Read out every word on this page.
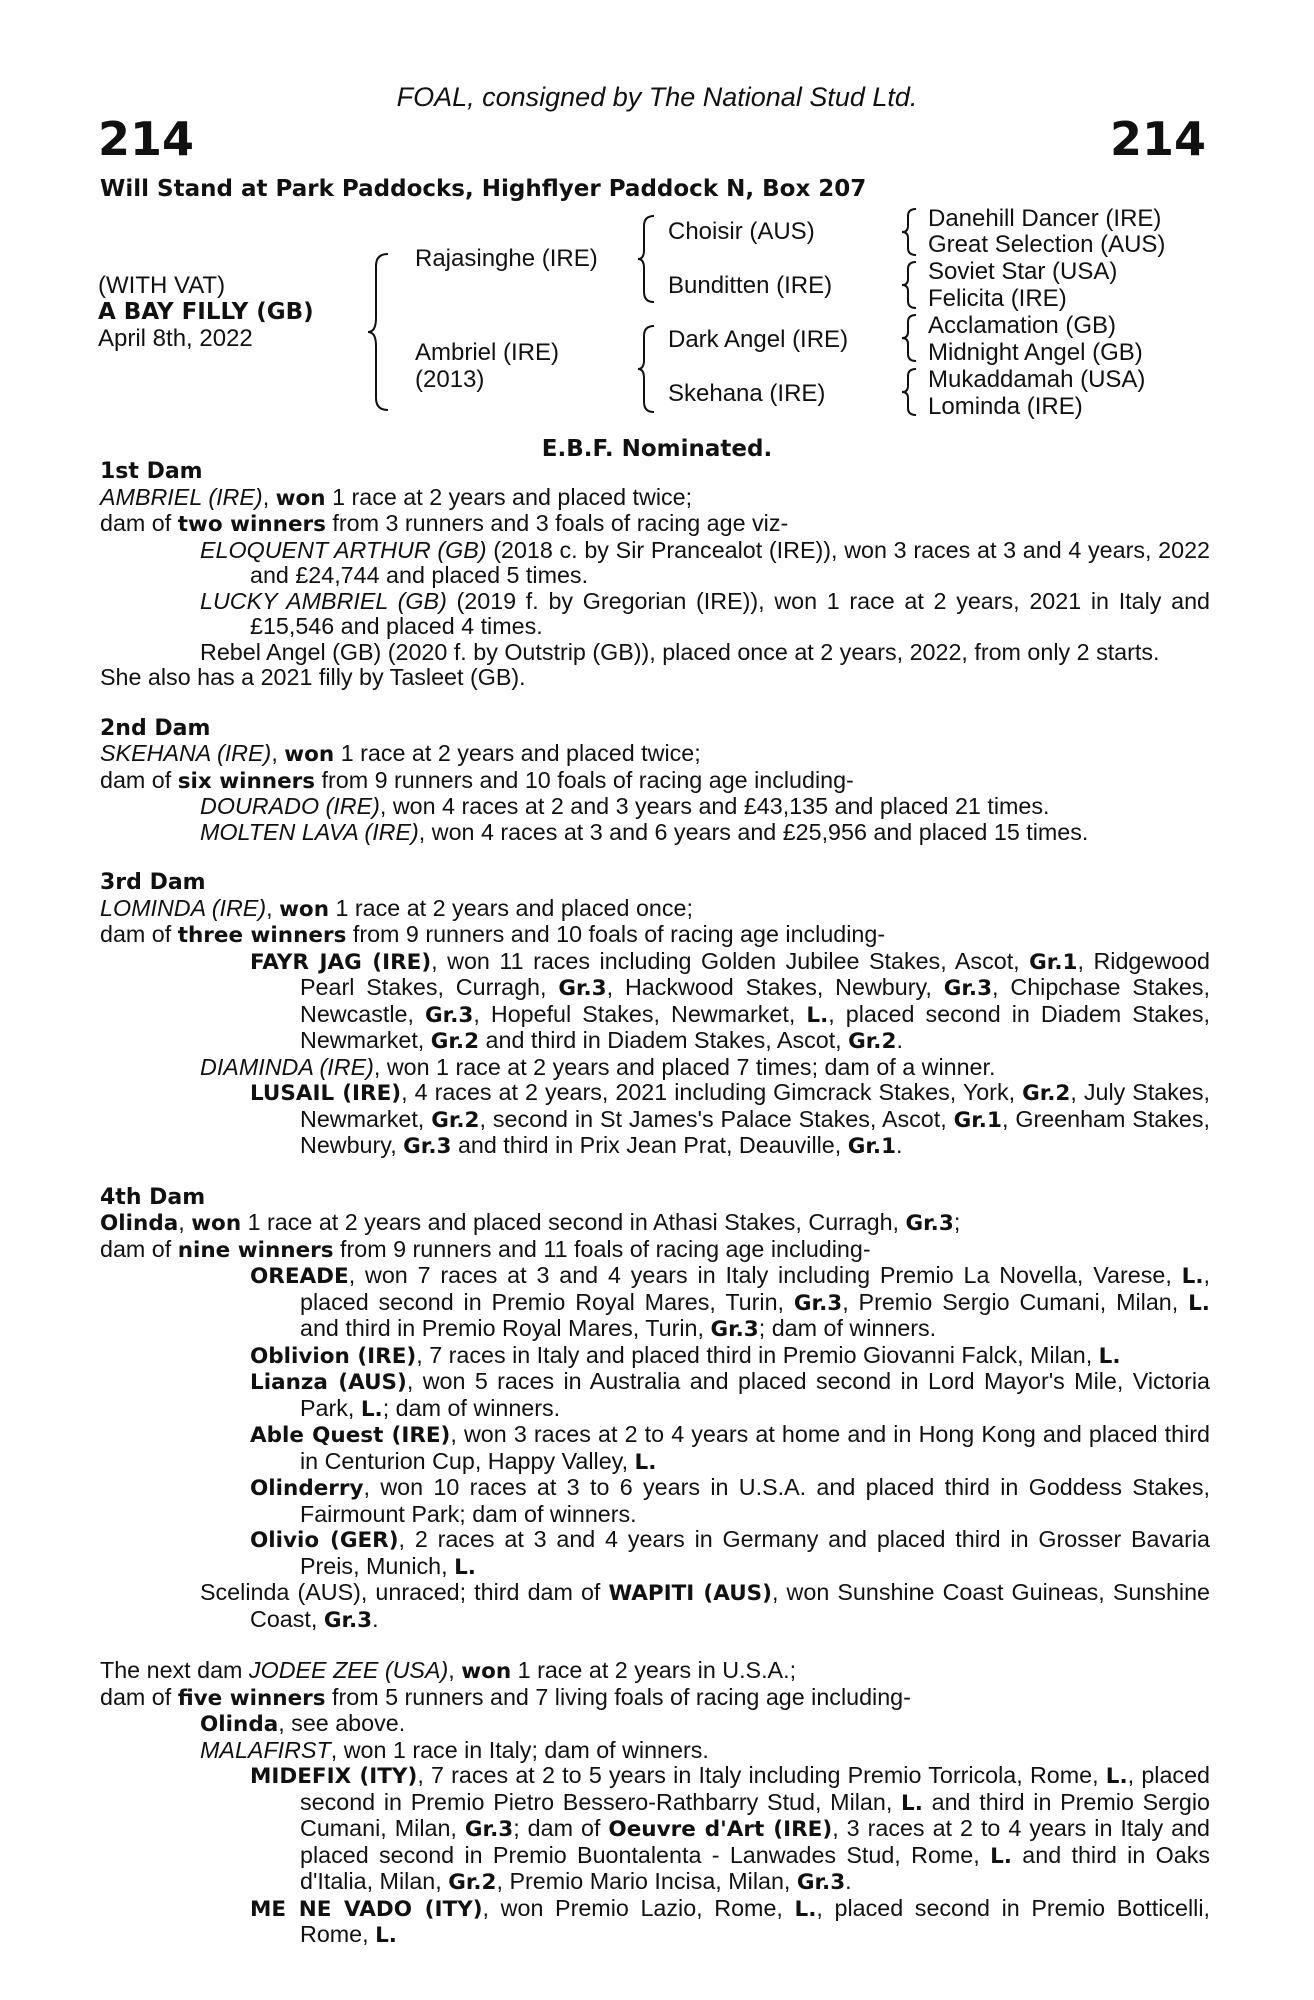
FOAL, consigned by The National Stud Ltd.
214	214
Will Stand at Park Paddocks, Highflyer Paddock N, Box 207
(WITH VAT)
A BAY FILLY (GB)
April 8th, 2022
Rajasinghe (IRE)
Ambriel (IRE)
(2013)
Choisir (AUS)
Bunditten (IRE)
Dark Angel (IRE)
Skehana (IRE)
Danehill Dancer (IRE)
Great Selection (AUS)
Soviet Star (USA)
Felicita (IRE)
Acclamation (GB)
Midnight Angel (GB)
Mukaddamah (USA)
Lominda (IRE)
E.B.F. Nominated.
1st Dam
AMBRIEL (IRE), won 1 race at 2 years and placed twice;
dam of two winners from 3 runners and 3 foals of racing age viz-
ELOQUENT ARTHUR (GB) (2018 c. by Sir Prancealot (IRE)), won 3 races at 3 and 4 years, 2022 and £24,744 and placed 5 times.
LUCKY AMBRIEL (GB) (2019 f. by Gregorian (IRE)), won 1 race at 2 years, 2021 in Italy and £15,546 and placed 4 times.
Rebel Angel (GB) (2020 f. by Outstrip (GB)), placed once at 2 years, 2022, from only 2 starts.
She also has a 2021 filly by Tasleet (GB).
2nd Dam
SKEHANA (IRE), won 1 race at 2 years and placed twice;
dam of six winners from 9 runners and 10 foals of racing age including-
DOURADO (IRE), won 4 races at 2 and 3 years and £43,135 and placed 21 times.
MOLTEN LAVA (IRE), won 4 races at 3 and 6 years and £25,956 and placed 15 times.
3rd Dam
LOMINDA (IRE), won 1 race at 2 years and placed once;
dam of three winners from 9 runners and 10 foals of racing age including-
FAYR JAG (IRE), won 11 races including Golden Jubilee Stakes, Ascot, Gr.1, Ridgewood Pearl Stakes, Curragh, Gr.3, Hackwood Stakes, Newbury, Gr.3, Chipchase Stakes, Newcastle, Gr.3, Hopeful Stakes, Newmarket, L., placed second in Diadem Stakes, Newmarket, Gr.2 and third in Diadem Stakes, Ascot, Gr.2.
DIAMINDA (IRE), won 1 race at 2 years and placed 7 times; dam of a winner.
LUSAIL (IRE), 4 races at 2 years, 2021 including Gimcrack Stakes, York, Gr.2, July Stakes, Newmarket, Gr.2, second in St James's Palace Stakes, Ascot, Gr.1, Greenham Stakes, Newbury, Gr.3 and third in Prix Jean Prat, Deauville, Gr.1.
4th Dam
Olinda, won 1 race at 2 years and placed second in Athasi Stakes, Curragh, Gr.3;
dam of nine winners from 9 runners and 11 foals of racing age including-
OREADE, won 7 races at 3 and 4 years in Italy including Premio La Novella, Varese, L., placed second in Premio Royal Mares, Turin, Gr.3, Premio Sergio Cumani, Milan, L. and third in Premio Royal Mares, Turin, Gr.3; dam of winners.
Oblivion (IRE), 7 races in Italy and placed third in Premio Giovanni Falck, Milan, L.
Lianza (AUS), won 5 races in Australia and placed second in Lord Mayor's Mile, Victoria Park, L.; dam of winners.
Able Quest (IRE), won 3 races at 2 to 4 years at home and in Hong Kong and placed third in Centurion Cup, Happy Valley, L.
Olinderry, won 10 races at 3 to 6 years in U.S.A. and placed third in Goddess Stakes, Fairmount Park; dam of winners.
Olivio (GER), 2 races at 3 and 4 years in Germany and placed third in Grosser Bavaria Preis, Munich, L.
Scelinda (AUS), unraced; third dam of WAPITI (AUS), won Sunshine Coast Guineas, Sunshine Coast, Gr.3.
The next dam JODEE ZEE (USA), won 1 race at 2 years in U.S.A.;
dam of five winners from 5 runners and 7 living foals of racing age including-
Olinda, see above.
MALAFIRST, won 1 race in Italy; dam of winners.
MIDEFIX (ITY), 7 races at 2 to 5 years in Italy including Premio Torricola, Rome, L., placed second in Premio Pietro Bessero-Rathbarry Stud, Milan, L. and third in Premio Sergio Cumani, Milan, Gr.3; dam of Oeuvre d'Art (IRE), 3 races at 2 to 4 years in Italy and placed second in Premio Buontalenta - Lanwades Stud, Rome, L. and third in Oaks d'Italia, Milan, Gr.2, Premio Mario Incisa, Milan, Gr.3.
ME NE VADO (ITY), won Premio Lazio, Rome, L., placed second in Premio Botticelli, Rome, L.
